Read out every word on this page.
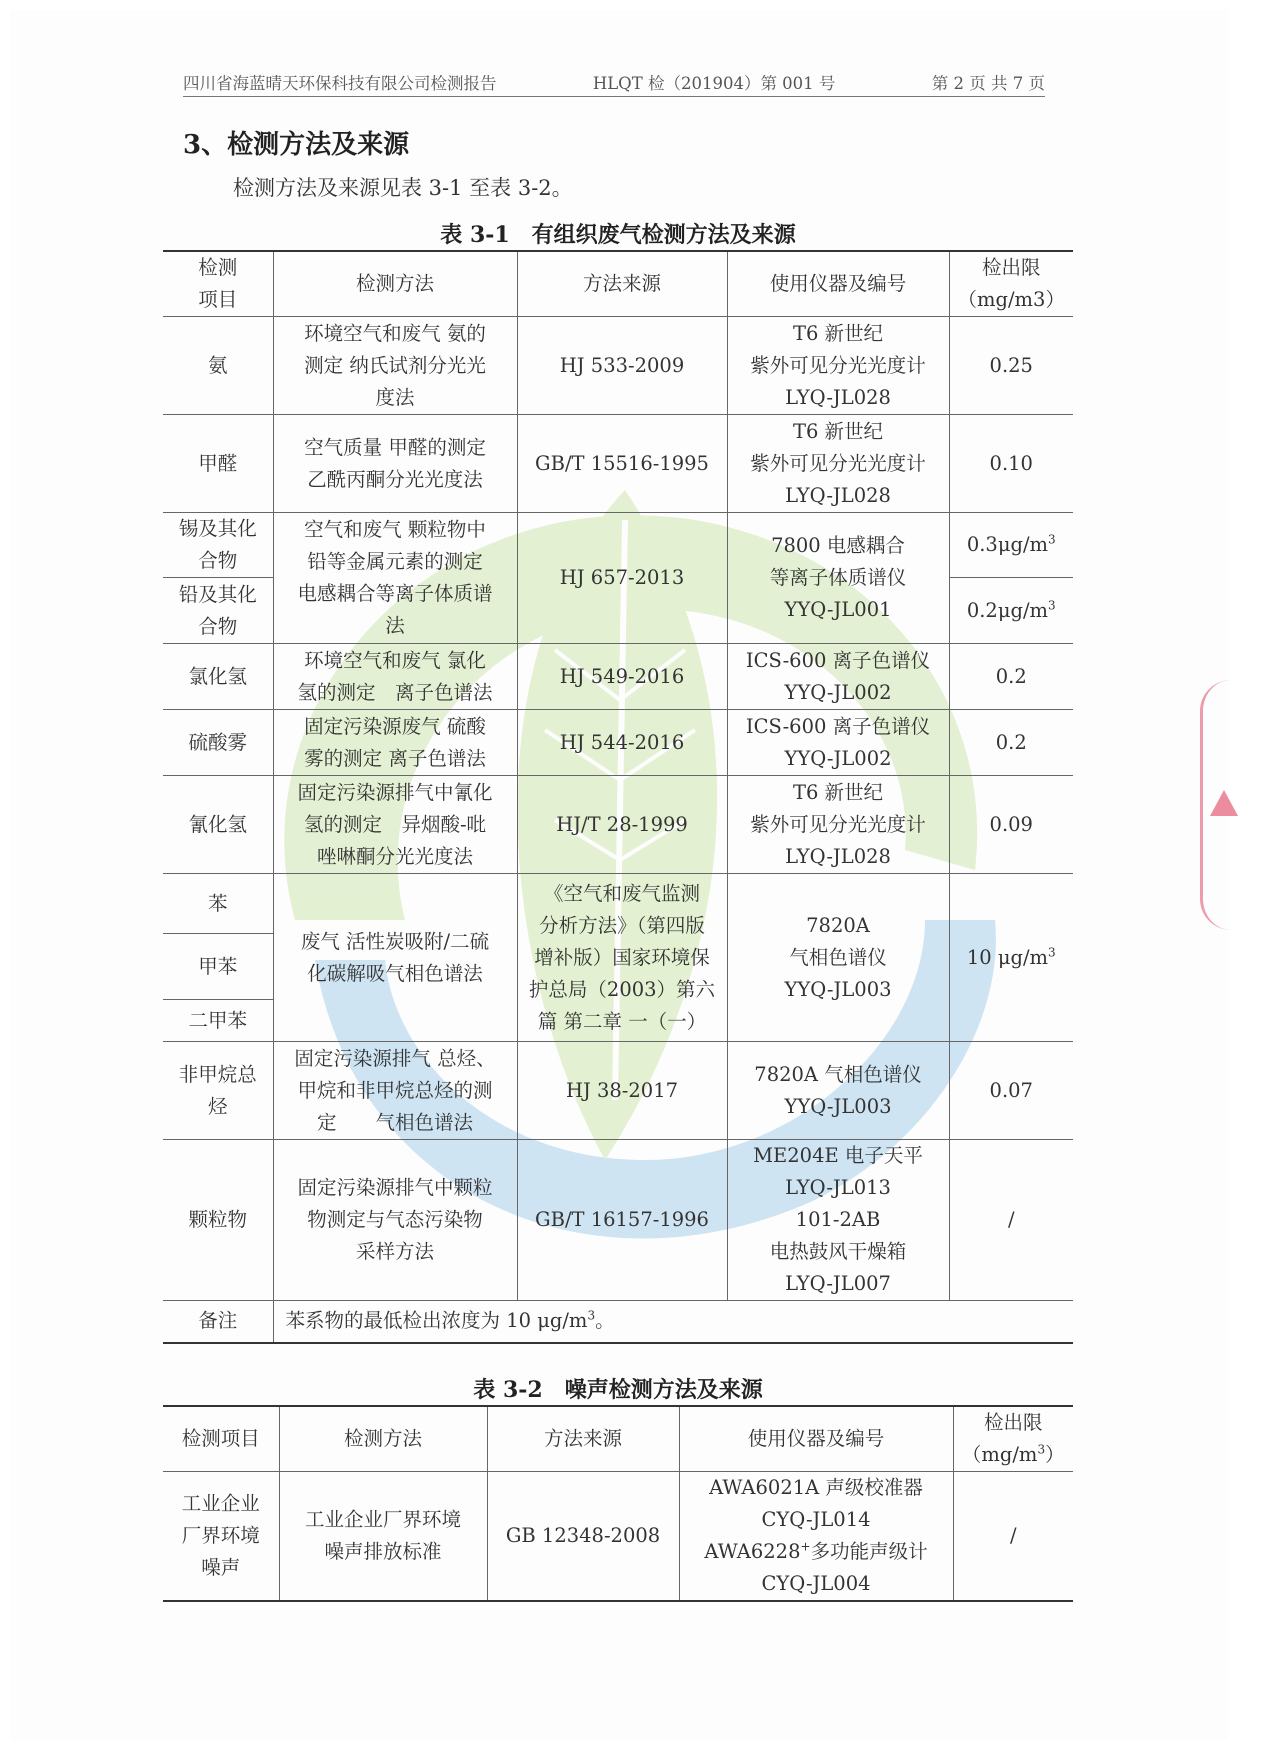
四川省海蓝晴天环保科技有限公司检测报告	HLQT 检（201904）第 001 号	第 2 页 共 7 页
3、检测方法及来源
检测方法及来源见表 3-1 至表 3-2。
表 3-1　有组织废气检测方法及来源
检测
项目	检测方法	方法来源	使用仪器及编号	检出限
（mg/m3）
氨	环境空气和废气 氨的
测定 纳氏试剂分光光
度法	HJ 533-2009	T6 新世纪
紫外可见分光光度计
LYQ-JL028	0.25
甲醛	空气质量 甲醛的测定
乙酰丙酮分光光度法	GB/T 15516-1995	T6 新世纪
紫外可见分光光度计
LYQ-JL028	0.10
锡及其化
合物	空气和废气 颗粒物中
铅等金属元素的测定
电感耦合等离子体质谱
法	HJ 657-2013	7800 电感耦合
等离子体质谱仪
YYQ-JL001	$0.3\mu g/m^3$
铅及其化
合物				$0.2\mu g/m^3$
氯化氢	环境空气和废气 氯化
氢的测定　离子色谱法	HJ 549-2016	ICS-600 离子色谱仪
YYQ-JL002	0.2
硫酸雾	固定污染源废气 硫酸
雾的测定 离子色谱法	HJ 544-2016	ICS-600 离子色谱仪
YYQ-JL002	0.2
氰化氢	固定污染源排气中氰化
氢的测定　异烟酸-吡
唑啉酮分光光度法	HJ/T 28-1999	T6 新世纪
紫外可见分光光度计
LYQ-JL028	0.09
苯	废气 活性炭吸附/二硫
化碳解吸气相色谱法	《空气和废气监测
分析方法》（第四版
增补版）国家环境保
护总局（2003）第六
篇 第二章 一（一）	7820A
气相色谱仪
YYQ-JL003	10 $\mu g/m^3$
甲苯				
二甲苯				
非甲烷总
烃	固定污染源排气 总烃、
甲烷和非甲烷总烃的测
定　　气相色谱法	HJ 38-2017	7820A 气相色谱仪
YYQ-JL003	0.07
颗粒物	固定污染源排气中颗粒
物测定与气态污染物
采样方法	GB/T 16157-1996	ME204E 电子天平
LYQ-JL013
101-2AB
电热鼓风干燥箱
LYQ-JL007	/
备注	苯系物的最低检出浓度为 10 $\mu g/m^3$。			
表 3-2　噪声检测方法及来源
检测项目	检测方法	方法来源	使用仪器及编号	检出限
$(mg/m^3)$
工业企业
厂界环境
噪声	工业企业厂界环境
噪声排放标准	GB 12348-2008	AWA6021A 声级校准器
CYQ-JL014
AWA6228+多功能声级计
CYQ-JL004	/
